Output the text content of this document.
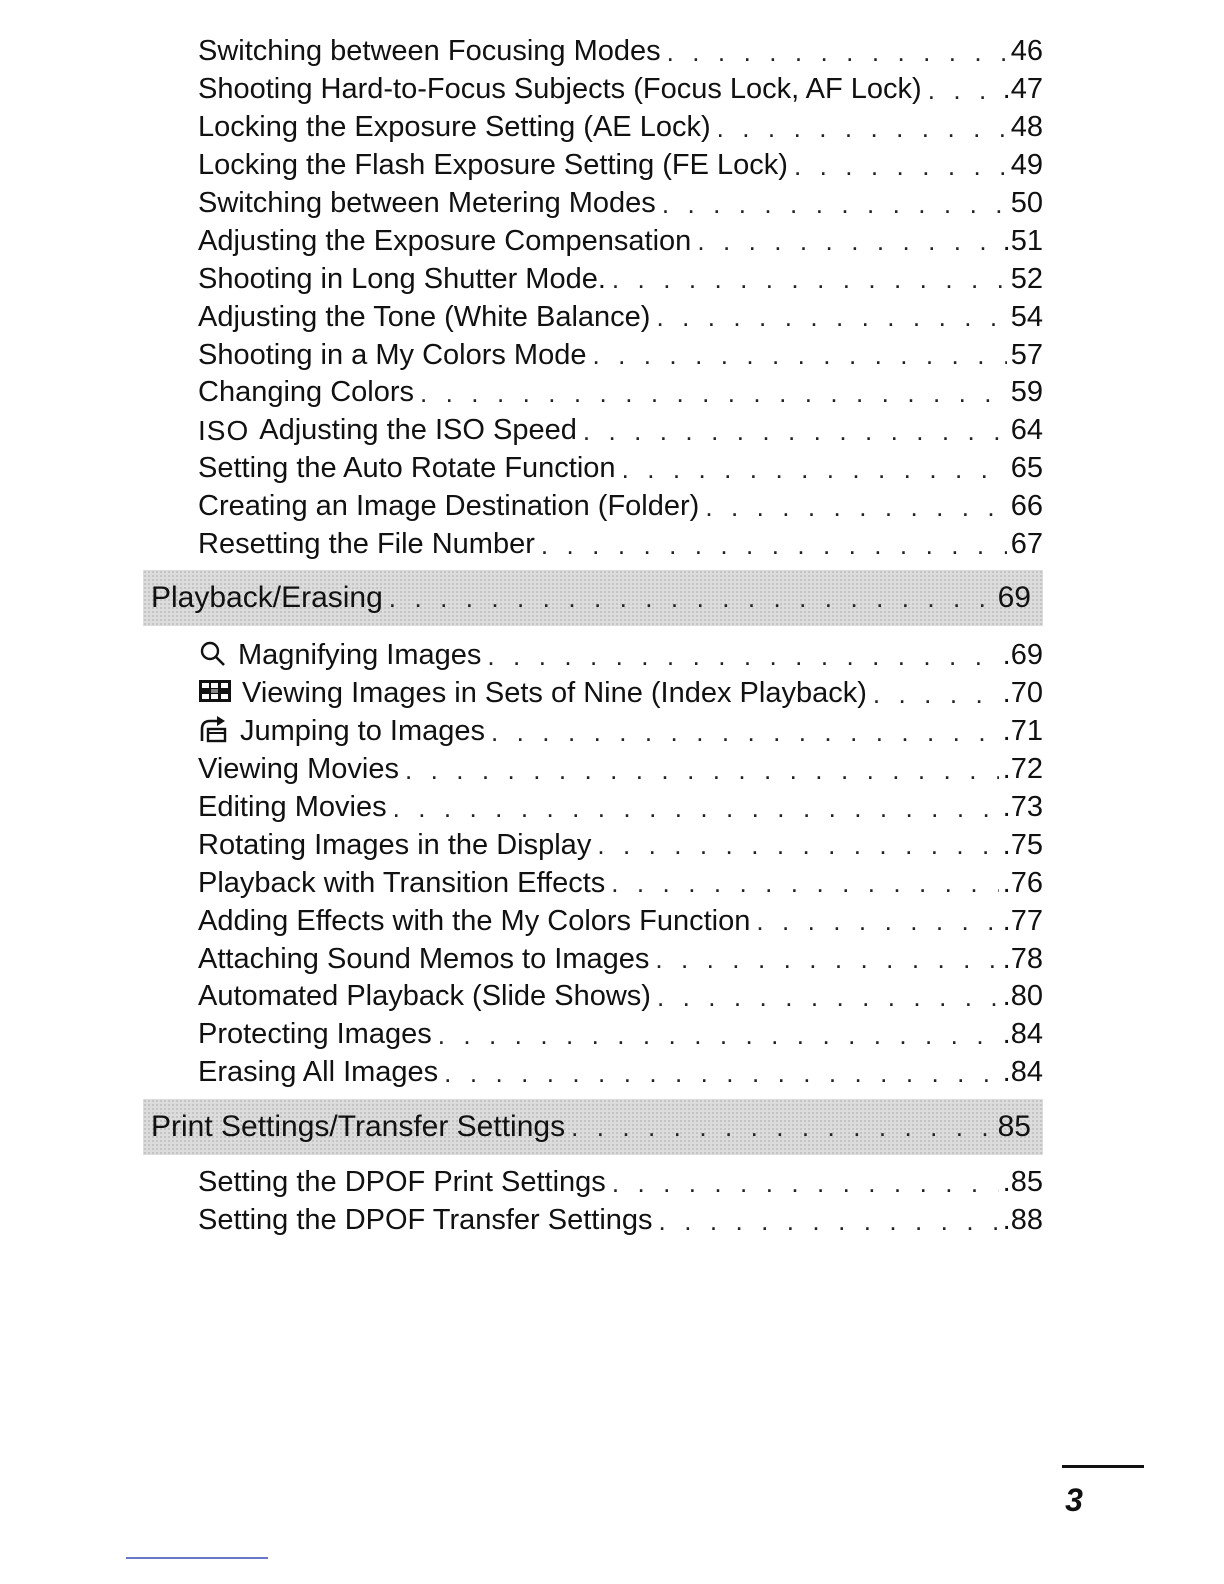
Switching between Focusing Modes . . .	46
Shooting Hard-to-Focus Subjects (Focus Lock, AF Lock) . . .	.47
Locking the Exposure Setting (AE Lock) . . .	48
Locking the Flash Exposure Setting (FE Lock) . . .	49
Switching between Metering Modes . . .	50
Adjusting the Exposure Compensation . . .	.51
Shooting in Long Shutter Mode. . . .	52
Adjusting the Tone (White Balance) . . .	54
Shooting in a My Colors Mode . . .	57
Changing Colors . . .	59
ISO Adjusting the ISO Speed . . .	64
Setting the Auto Rotate Function . . .	65
Creating an Image Destination (Folder) . . .	66
Resetting the File Number . . .	67
Playback/Erasing . . .	69
Magnifying Images . . .	.69
Viewing Images in Sets of Nine (Index Playback) . . .	.70
Jumping to Images . . .	.71
Viewing Movies . . .	.72
Editing Movies . . .	.73
Rotating Images in the Display . . .	.75
Playback with Transition Effects . . .	.76
Adding Effects with the My Colors Function . . .	.77
Attaching Sound Memos to Images . . .	.78
Automated Playback (Slide Shows) . . .	.80
Protecting Images . . .	.84
Erasing All Images . . .	.84
Print Settings/Transfer Settings . . .	85
Setting the DPOF Print Settings . . .	.85
Setting the DPOF Transfer Settings . . .	.88
3
